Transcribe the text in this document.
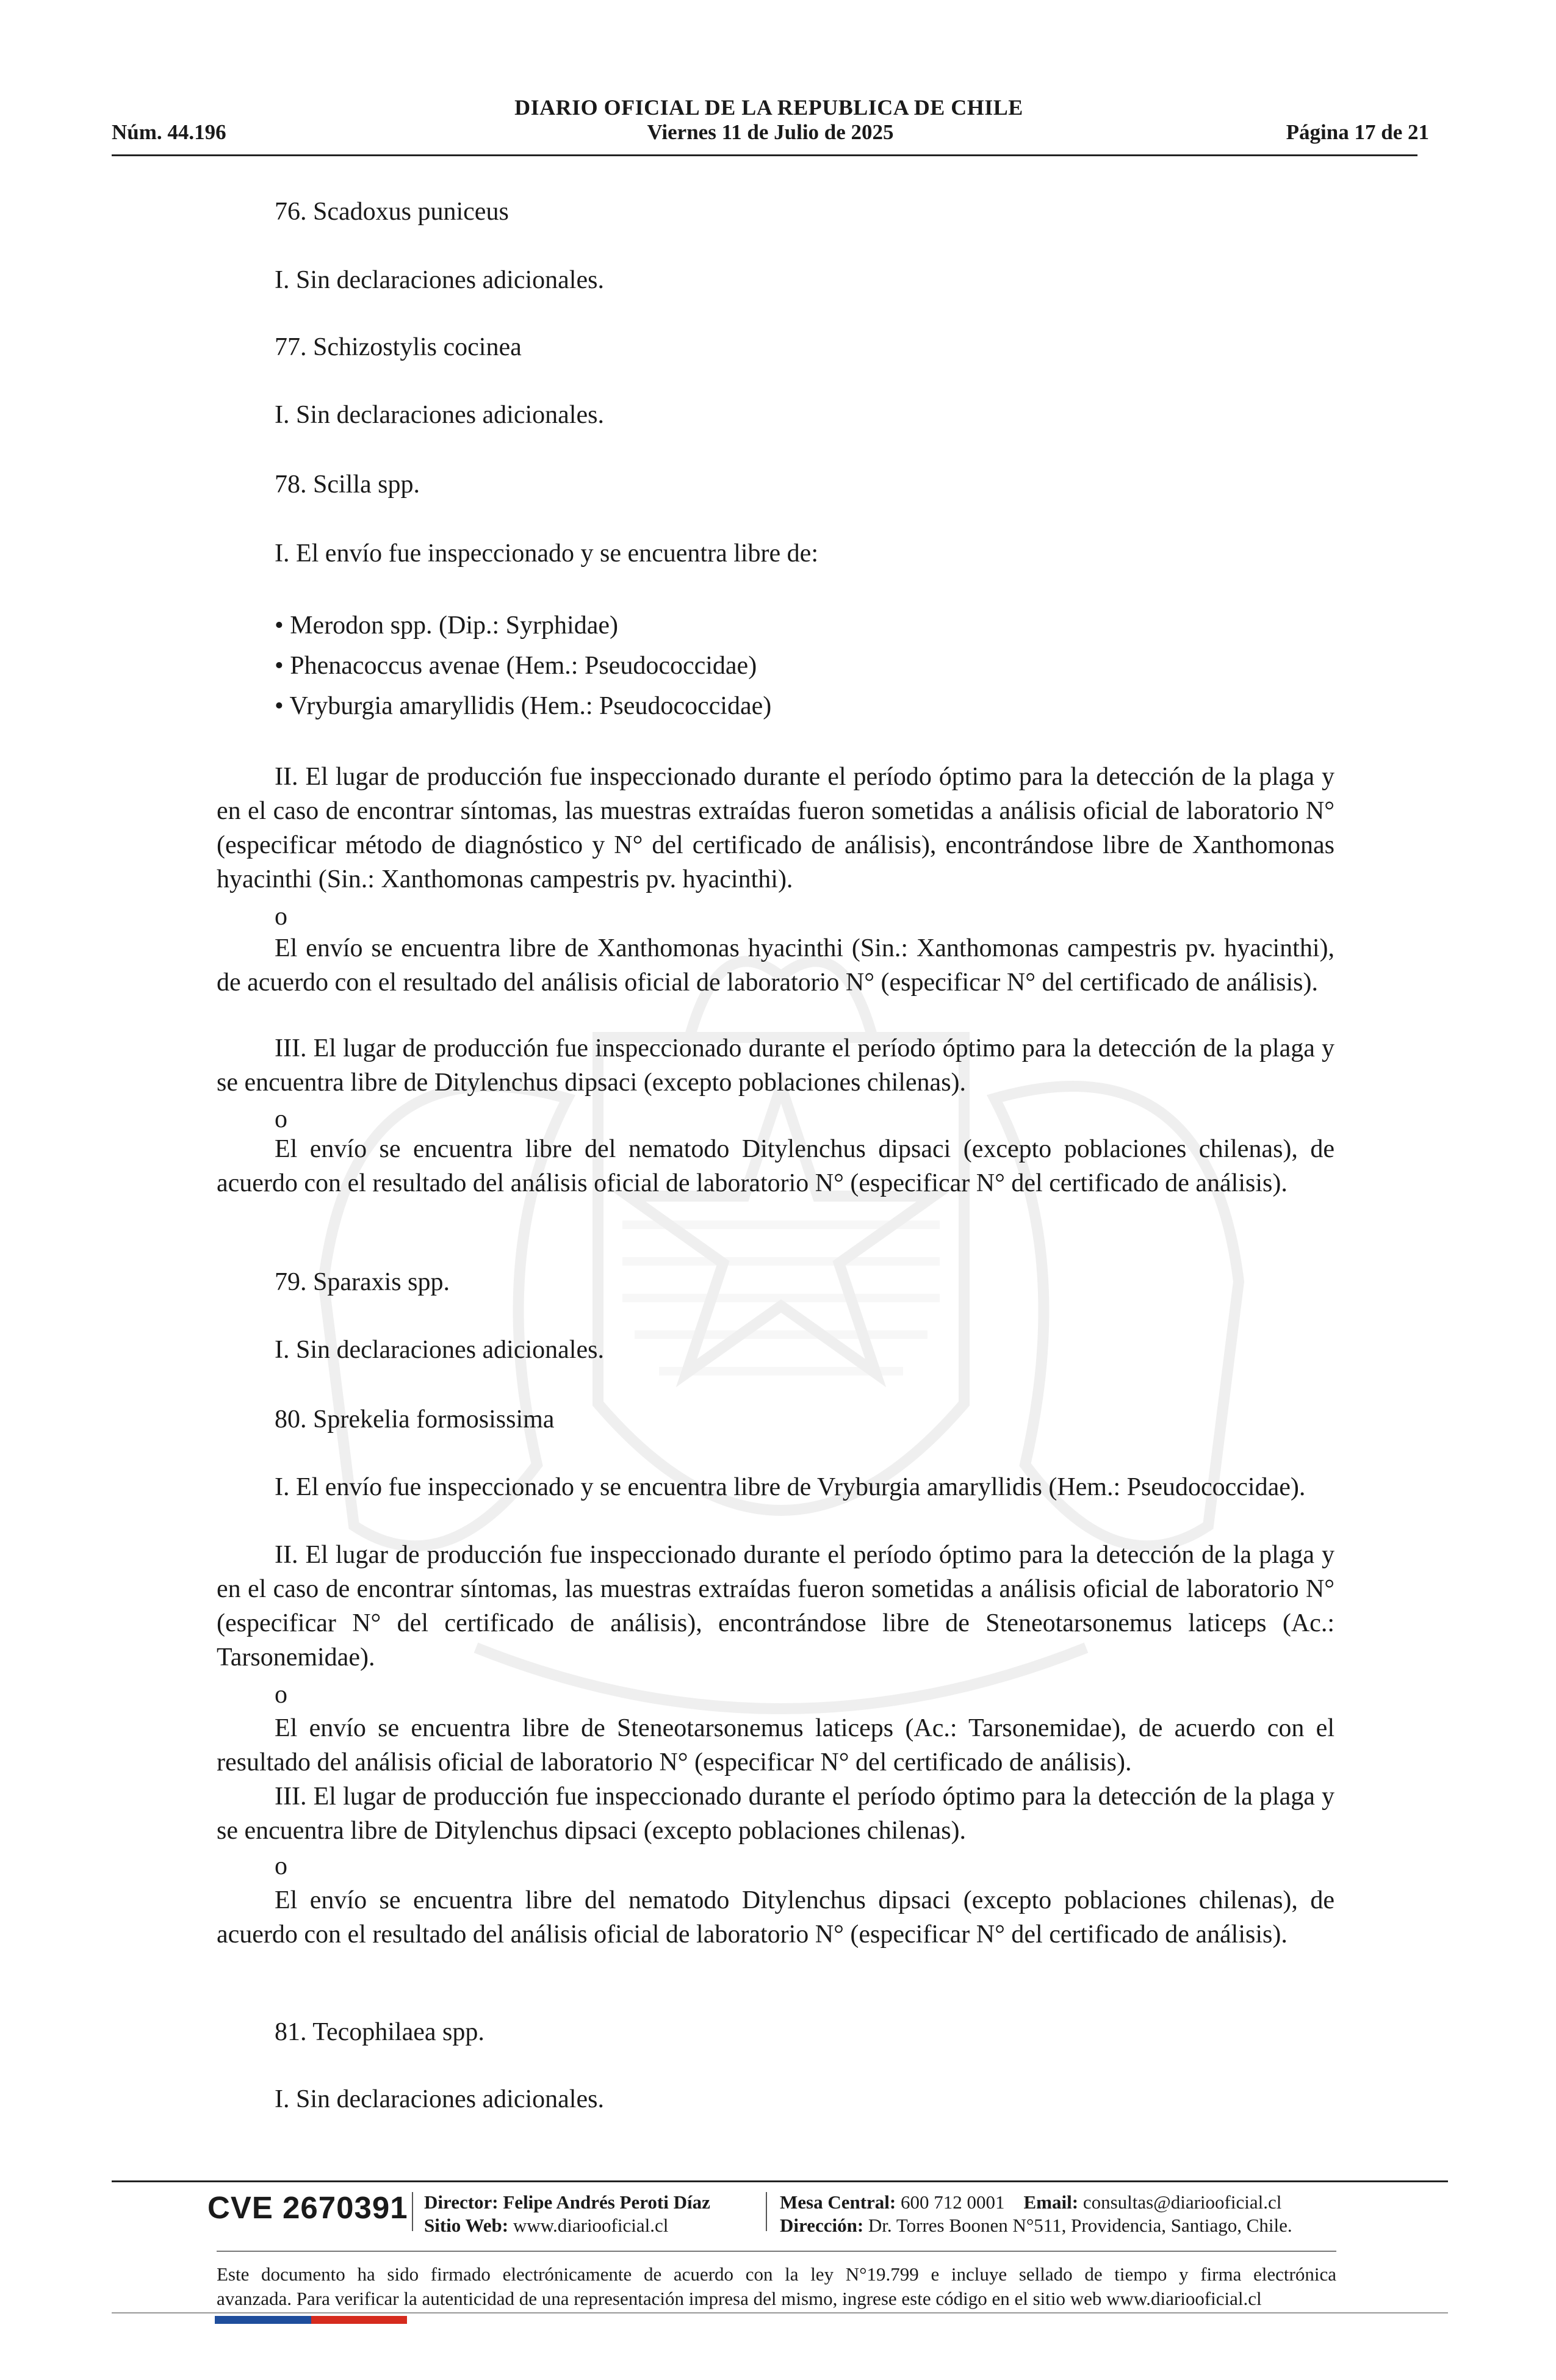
DIARIO OFICIAL DE LA REPUBLICA DE CHILE
Núm. 44.196	Viernes 11 de Julio de 2025	Página 17 de 21
76. Scadoxus puniceus
I. Sin declaraciones adicionales.
77. Schizostylis cocinea
I. Sin declaraciones adicionales.
78. Scilla spp.
I. El envío fue inspeccionado y se encuentra libre de:
• Merodon spp. (Dip.: Syrphidae)
• Phenacoccus avenae (Hem.: Pseudococcidae)
• Vryburgia amaryllidis (Hem.: Pseudococcidae)
II. El lugar de producción fue inspeccionado durante el período óptimo para la detección de la plaga y en el caso de encontrar síntomas, las muestras extraídas fueron sometidas a análisis oficial de laboratorio N° (especificar método de diagnóstico y N° del certificado de análisis), encontrándose libre de Xanthomonas hyacinthi (Sin.: Xanthomonas campestris pv. hyacinthi).
o
El envío se encuentra libre de Xanthomonas hyacinthi (Sin.: Xanthomonas campestris pv. hyacinthi), de acuerdo con el resultado del análisis oficial de laboratorio N° (especificar N° del certificado de análisis).
III. El lugar de producción fue inspeccionado durante el período óptimo para la detección de la plaga y se encuentra libre de Ditylenchus dipsaci (excepto poblaciones chilenas).
o
El envío se encuentra libre del nematodo Ditylenchus dipsaci (excepto poblaciones chilenas), de acuerdo con el resultado del análisis oficial de laboratorio N° (especificar N° del certificado de análisis).
79. Sparaxis spp.
I. Sin declaraciones adicionales.
80. Sprekelia formosissima
I. El envío fue inspeccionado y se encuentra libre de Vryburgia amaryllidis (Hem.: Pseudococcidae).
II. El lugar de producción fue inspeccionado durante el período óptimo para la detección de la plaga y en el caso de encontrar síntomas, las muestras extraídas fueron sometidas a análisis oficial de laboratorio N° (especificar N° del certificado de análisis), encontrándose libre de Steneotarsonemus laticeps (Ac.: Tarsonemidae).
o
El envío se encuentra libre de Steneotarsonemus laticeps (Ac.: Tarsonemidae), de acuerdo con el resultado del análisis oficial de laboratorio N° (especificar N° del certificado de análisis).
III. El lugar de producción fue inspeccionado durante el período óptimo para la detección de la plaga y se encuentra libre de Ditylenchus dipsaci (excepto poblaciones chilenas).
o
El envío se encuentra libre del nematodo Ditylenchus dipsaci (excepto poblaciones chilenas), de acuerdo con el resultado del análisis oficial de laboratorio N° (especificar N° del certificado de análisis).
81. Tecophilaea spp.
I. Sin declaraciones adicionales.
CVE 2670391 Director: Felipe Andrés Peroti Díaz
Sitio Web: www.diariooficial.cl
Mesa Central: 600 712 0001 Email: consultas@diariooficial.cl
Dirección: Dr. Torres Boonen N°511, Providencia, Santiago, Chile.
Este documento ha sido firmado electrónicamente de acuerdo con la ley N°19.799 e incluye sellado de tiempo y firma electrónica
avanzada. Para verificar la autenticidad de una representación impresa del mismo, ingrese este código en el sitio web www.diariooficial.cl
